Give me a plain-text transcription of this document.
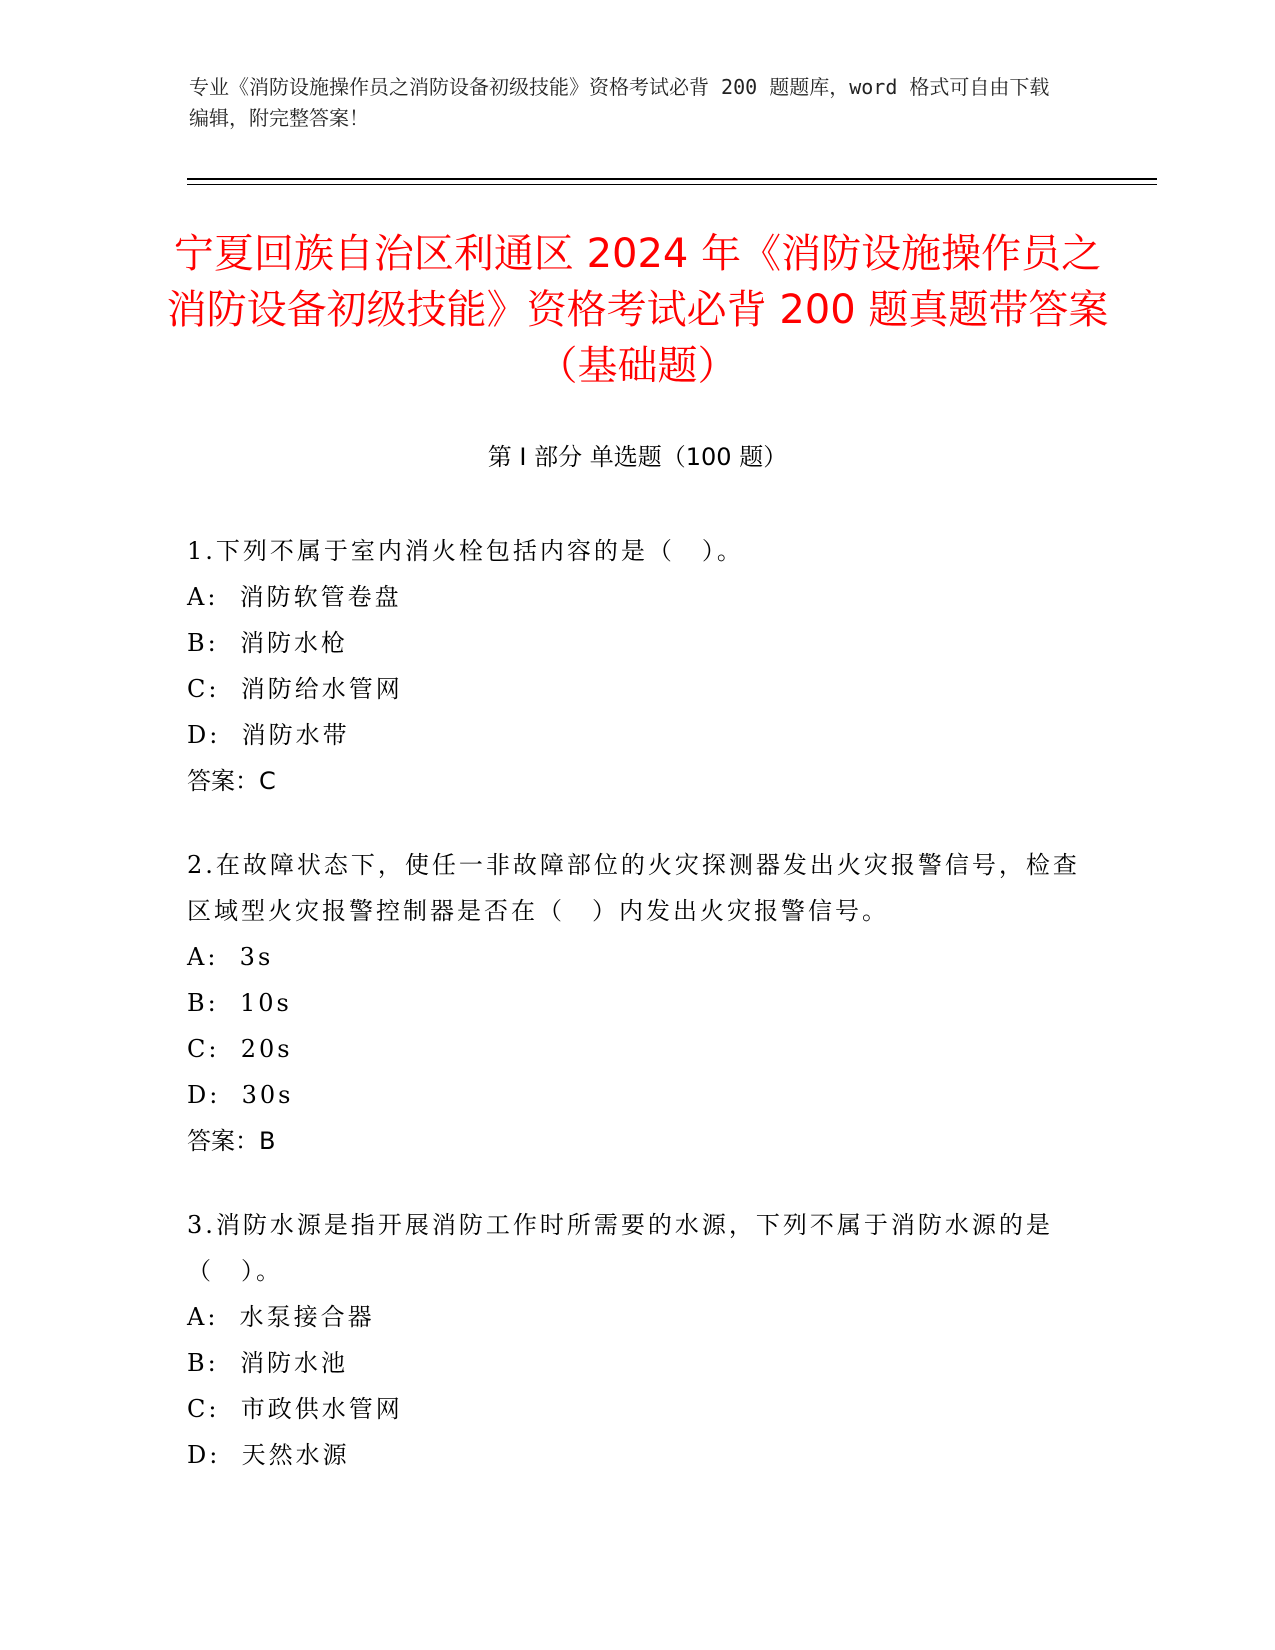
专业《消防设施操作员之消防设备初级技能》资格考试必背 200 题题库，word 格式可自由下载编辑，附完整答案！

宁夏回族自治区利通区 2024 年《消防设施操作员之消防设备初级技能》资格考试必背 200 题真题带答案（基础题）
第 I 部分 单选题（100 题）

1.下列不属于室内消火栓包括内容的是（　）。

A:  消防软管卷盘

B:  消防水枪

C:  消防给水管网

D:  消防水带

答案：C

2.在故障状态下，使任一非故障部位的火灾探测器发出火灾报警信号，检查区域型火灾报警控制器是否在（　）内发出火灾报警信号。

A:  3s

B:  10s

C:  20s

D:  30s

答案：B

3.消防水源是指开展消防工作时所需要的水源，下列不属于消防水源的是（　）。

A:  水泵接合器

B:  消防水池

C:  市政供水管网

D:  天然水源
